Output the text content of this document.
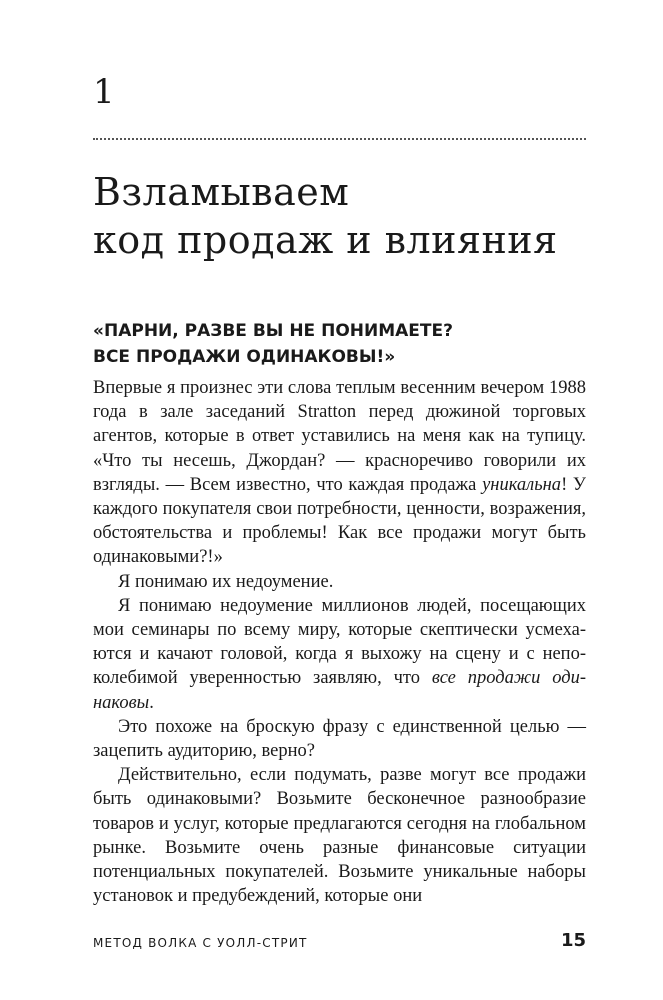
1
Взламываем
код продаж и влияния
«ПАРНИ, РАЗВЕ ВЫ НЕ ПОНИМАЕТЕ?
ВСЕ ПРОДАЖИ ОДИНАКОВЫ!»

Впервые я произнес эти слова теплым весенним вечером 1988 года в зале заседаний Stratton перед дюжиной торговых агентов, которые в ответ уставились на меня как на тупицу. «Что ты несешь, Джордан? — красноречиво говорили их взгляды. — Всем известно, что каждая продажа уникальна! У каждого покупателя свои потребности, ценности, возражения, обстоятельства и проблемы! Как все продажи могут быть одинаковыми?!»

Я понимаю их недоумение.

Я понимаю недоумение миллионов людей, посещающих мои семинары по всему миру, которые скептически усмехаются и качают головой, когда я выхожу на сцену и с непоколебимой уверенностью заявляю, что все продажи одинаковы.

Это похоже на броскую фразу с единственной целью — зацепить аудиторию, верно?

Действительно, если подумать, разве могут все продажи быть одинаковыми? Возьмите бесконечное разнообразие товаров и услуг, которые предлагаются сегодня на глобальном рынке. Возьмите очень разные финансовые ситуации потенциальных покупателей. Возьмите уникальные наборы установок и предубеждений, которые они

МЕТОД ВОЛКА С УОЛЛ-СТРИТ	15
